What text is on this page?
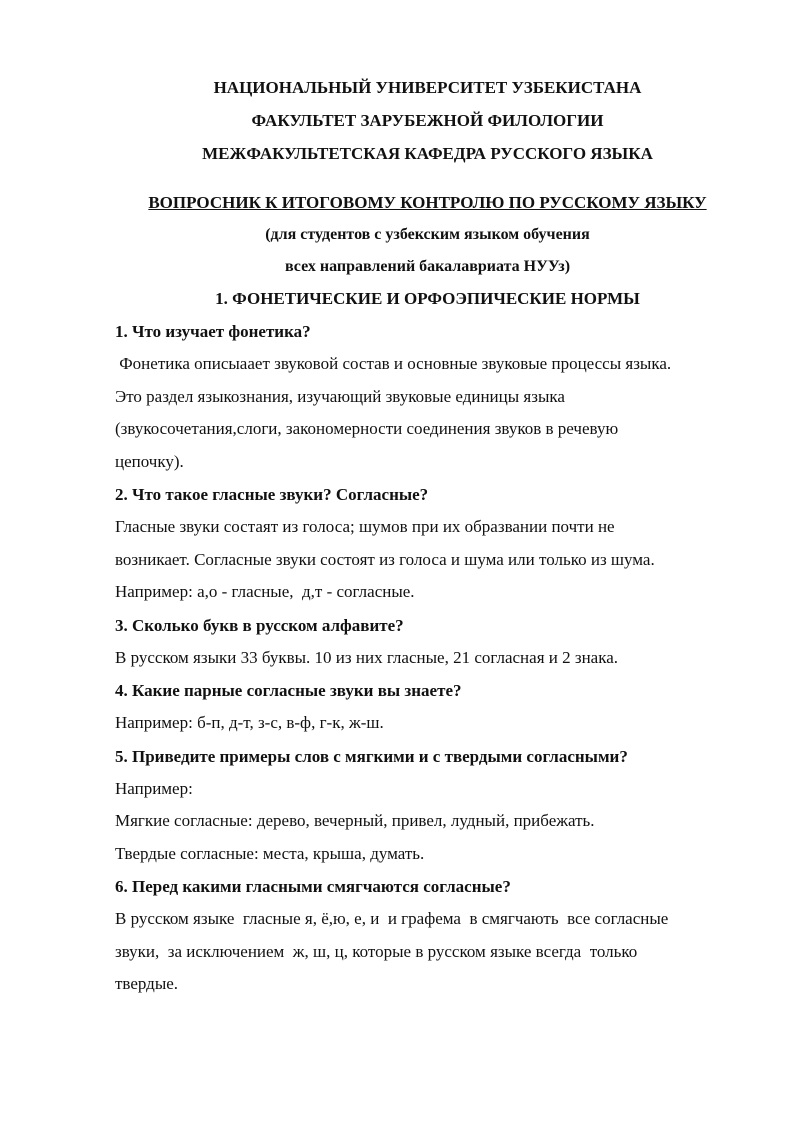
НАЦИОНАЛЬНЫЙ УНИВЕРСИТЕТ УЗБЕКИСТАНА
ФАКУЛЬТЕТ ЗАРУБЕЖНОЙ ФИЛОЛОГИИ
МЕЖФАКУЛЬТЕТСКАЯ КАФЕДРА РУССКОГО ЯЗЫКА
ВОПРОСНИК К ИТОГОВОМУ КОНТРОЛЮ ПО РУССКОМУ ЯЗЫКУ
(для студентов с узбекским языком обучения
всех направлений бакалавриата НУУз)
1. ФОНЕТИЧЕСКИЕ И ОРФОЭПИЧЕСКИЕ НОРМЫ
1. Что изучает фонетика?
Фонетика описыаает звуковой состав и основные звуковые процессы языка.
Это раздел языкознания, изучающий звуковые единицы языка
(звукосочетания,слоги, закономерности соединения звуков в речевую
цепочку).
2. Что такое гласные звуки? Согласные?
Гласные звуки состаят из голоса; шумов при их образвании почти не
возникает. Согласные звуки состоят из голоса и шума или только из шума.
Например: а,о - гласные,  д,т - согласные.
3. Сколько букв в русском алфавите?
В русском языки 33 буквы. 10 из них гласные, 21 согласная и 2 знака.
4. Какие парные согласные звуки вы знаете?
Например: б-п, д-т, з-с, в-ф, г-к, ж-ш.
5. Приведите примеры слов с мягкими и с твердыми согласными?
Например:
Мягкие согласные: дерево, вечерный, привел, лудный, прибежать.
Твердые согласные: места, крыша, думать.
6. Перед какими гласными смягчаются согласные?
В русском языке  гласные я, ё,ю, е, и  и графема  в смягчають  все согласные
звуки,  за исключением  ж, ш, ц, которые в русском языке всегда  только
твердые.
